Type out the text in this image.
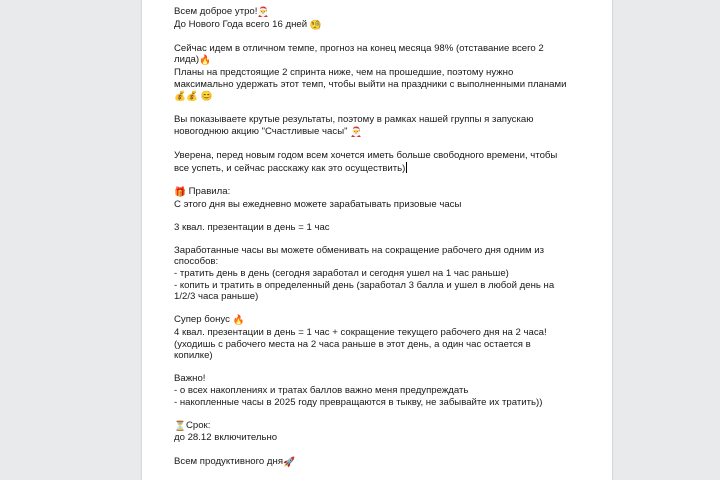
Всем доброе утро!🎅
До Нового Года всего 16 дней 🧐
Сейчас идем в отличном темпе, прогноз на конец месяца 98% (отставание всего 2
лида)🔥
Планы на предстоящие 2 спринта ниже, чем на прошедшие, поэтому нужно
максимально удержать этот темп, чтобы выйти на праздники с выполненными планами
💰💰 😊
Вы показываете крутые результаты, поэтому в рамках нашей группы я запускаю
новогоднюю акцию "Счастливые часы" 🎅
Уверена, перед новым годом всем хочется иметь больше свободного времени, чтобы
все успеть, и сейчас расскажу как это осуществить)
🎁 Правила:
С этого дня вы ежедневно можете зарабатывать призовые часы
3 квал. презентации в день = 1 час
Заработанные часы вы можете обменивать на сокращение рабочего дня одним из
способов:
- тратить день в день (сегодня заработал и сегодня ушел на 1 час раньше)
- копить и тратить в определенный день (заработал 3 балла и ушел в любой день на
1/2/3 часа раньше)
Супер бонус 🔥
4 квал. презентации в день = 1 час + сокращение текущего рабочего дня на 2 часа!
(уходишь с рабочего места на 2 часа раньше в этот день, а один час остается в
копилке)
Важно!
- о всех накоплениях и тратах баллов важно меня предупреждать
- накопленные часы в 2025 году превращаются в тыкву, не забывайте их тратить))
⏳Срок:
до 28.12 включительно
Всем продуктивного дня🚀
